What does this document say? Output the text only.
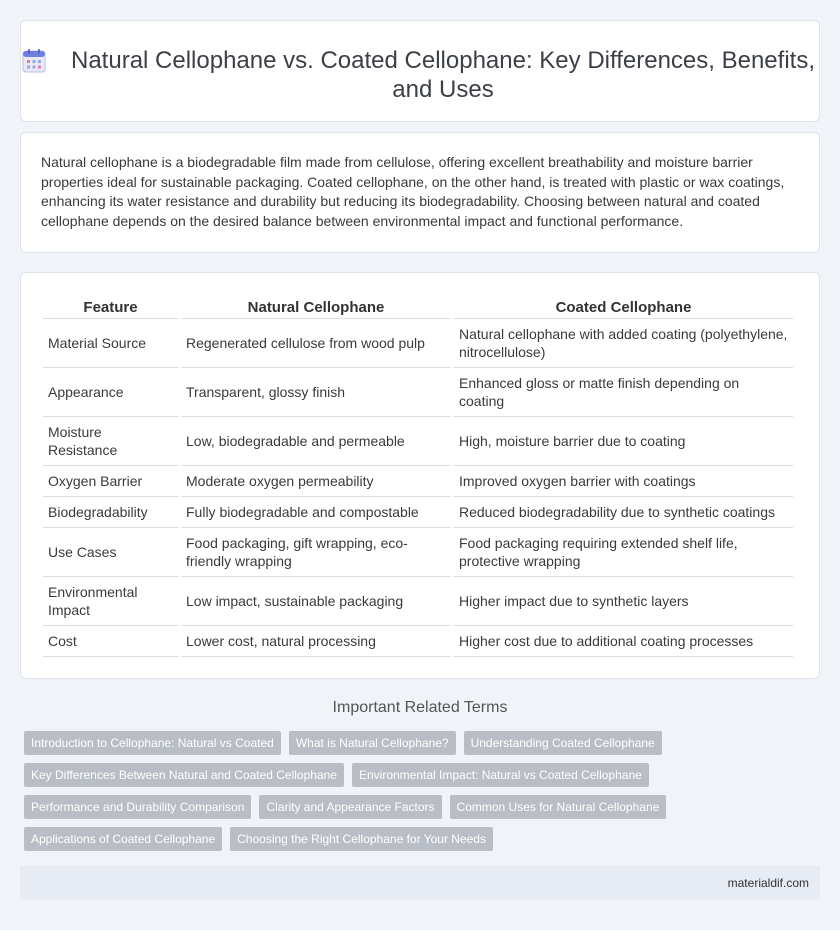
Natural Cellophane vs. Coated Cellophane: Key Differences, Benefits, and Uses

Natural cellophane is a biodegradable film made from cellulose, offering excellent breathability and moisture barrier properties ideal for sustainable packaging. Coated cellophane, on the other hand, is treated with plastic or wax coatings, enhancing its water resistance and durability but reducing its biodegradability. Choosing between natural and coated cellophane depends on the desired balance between environmental impact and functional performance.

Feature	Natural Cellophane	Coated Cellophane
Material Source	Regenerated cellulose from wood pulp	Natural cellophane with added coating (polyethylene, nitrocellulose)
Appearance	Transparent, glossy finish	Enhanced gloss or matte finish depending on coating
Moisture Resistance	Low, biodegradable and permeable	High, moisture barrier due to coating
Oxygen Barrier	Moderate oxygen permeability	Improved oxygen barrier with coatings
Biodegradability	Fully biodegradable and compostable	Reduced biodegradability due to synthetic coatings
Use Cases	Food packaging, gift wrapping, eco-friendly wrapping	Food packaging requiring extended shelf life, protective wrapping
Environmental Impact	Low impact, sustainable packaging	Higher impact due to synthetic layers
Cost	Lower cost, natural processing	Higher cost due to additional coating processes
Important Related Terms
Introduction to Cellophane: Natural vs Coated	What is Natural Cellophane?	Understanding Coated Cellophane
Key Differences Between Natural and Coated Cellophane	Environmental Impact: Natural vs Coated Cellophane
Performance and Durability Comparison	Clarity and Appearance Factors	Common Uses for Natural Cellophane
Applications of Coated Cellophane	Choosing the Right Cellophane for Your Needs
materialdif.com
